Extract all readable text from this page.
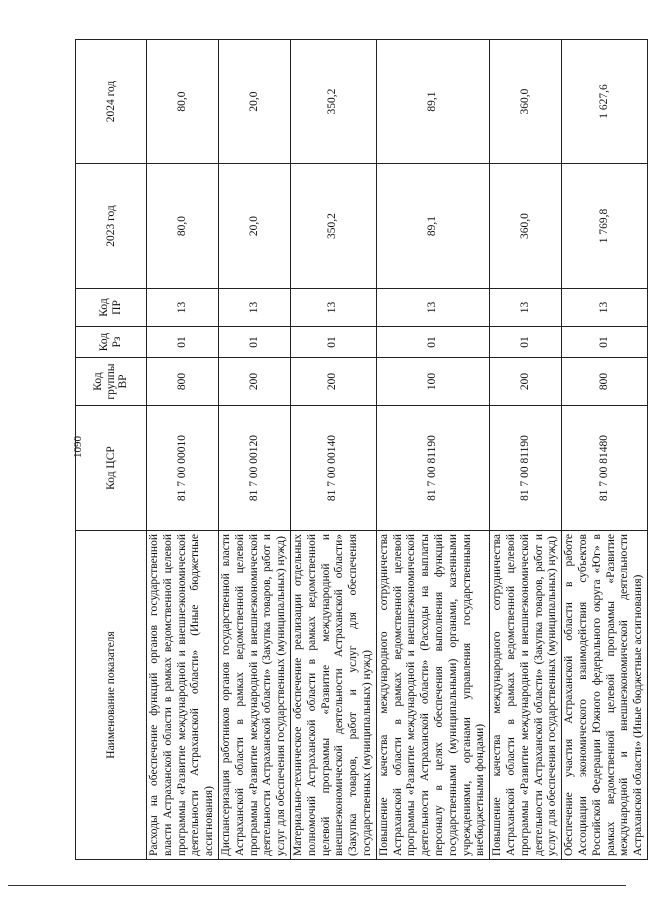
1090
Наименование показателя	Код ЦСР	Код группы ВР	Код Рз	Код ПР	2023 год	2024 год
Расходы на обеспечение функций органов государственной власти Астраханской области в рамках ведомственной целевой программы «Развитие международной и внешнеэкономической деятельности Астраханской области» (Иные бюджетные ассигнования)	81 7 00 00010	800	01	13	80,0	80,0
Диспансеризация работников органов государственной власти Астраханской области в рамках ведомственной целевой программы «Развитие международной и внешнеэкономической деятельности Астраханской области» (Закупка товаров, работ и услуг для обеспечения государственных (муниципальных) нужд)	81 7 00 00120	200	01	13	20,0	20,0
Материально-техническое обеспечение реализации отдельных полномочий Астраханской области в рамках ведомственной целевой программы «Развитие международной и внешнеэкономической деятельности Астраханской области» (Закупка товаров, работ и услуг для обеспечения государственных (муниципальных) нужд)	81 7 00 00140	200	01	13	350,2	350,2
Повышение качества международного сотрудничества Астраханской области в рамках ведомственной целевой программы «Развитие международной и внешнеэкономической деятельности Астраханской области» (Расходы на выплаты персоналу в целях обеспечения выполнения функций государственными (муниципальными) органами, казенными учреждениями, органами управления государственными внебюджетными фондами)	81 7 00 81190	100	01	13	89,1	89,1
Повышение качества международного сотрудничества Астраханской области в рамках ведомственной целевой программы «Развитие международной и внешнеэкономической деятельности Астраханской области» (Закупка товаров, работ и услуг для обеспечения государственных (муниципальных) нужд)	81 7 00 81190	200	01	13	360,0	360,0
Обеспечение участия Астраханской области в работе Ассоциации экономического взаимодействия субъектов Российской Федерации Южного федерального округа «Юг» в рамках ведомственной целевой программы «Развитие международной и внешнеэкономической деятельности Астраханской области» (Иные бюджетные ассигнования)	81 7 00 81480	800	01	13	1 769,8	1 627,6
